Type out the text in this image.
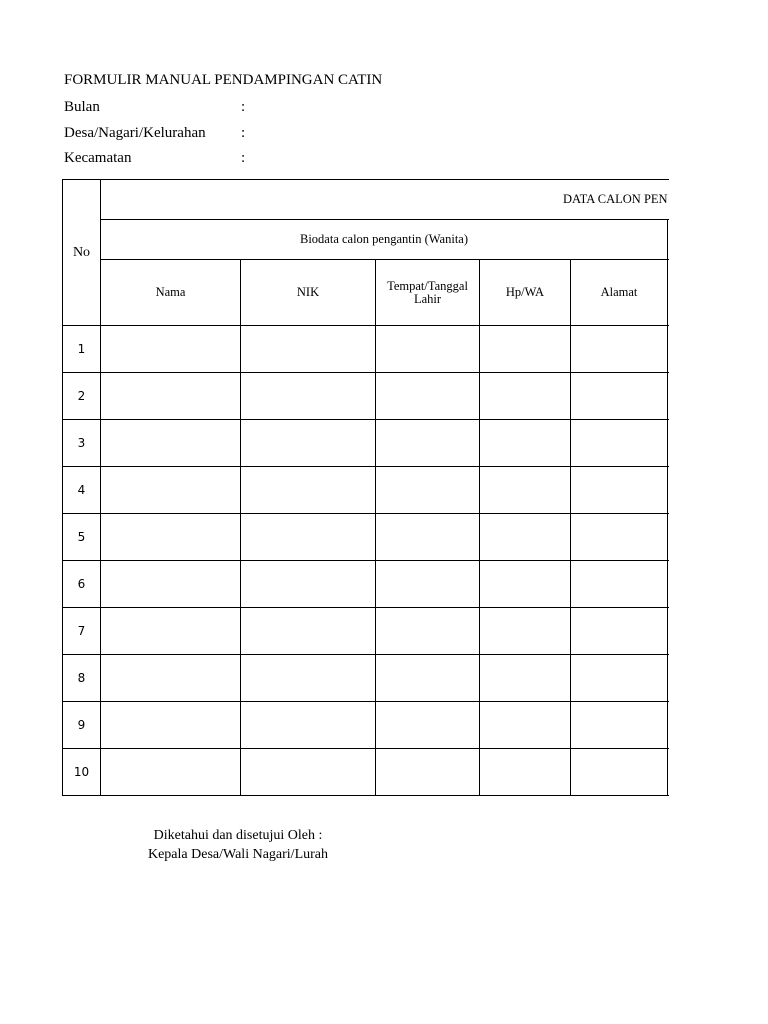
FORMULIR MANUAL PENDAMPINGAN CATIN
Bulan	:
Desa/Nagari/Kelurahan :
Kecamatan	:
No	DATA CALON PEN					
	Biodata calon pengantin (Wanita)					
	Nama	NIK	Tempat/Tanggal Lahir	Hp/WA	Alamat	
1						
2						
3						
4						
5						
6						
7						
8						
9						
10						
Diketahui dan disetujui Oleh :
Kepala Desa/Wali Nagari/Lurah
